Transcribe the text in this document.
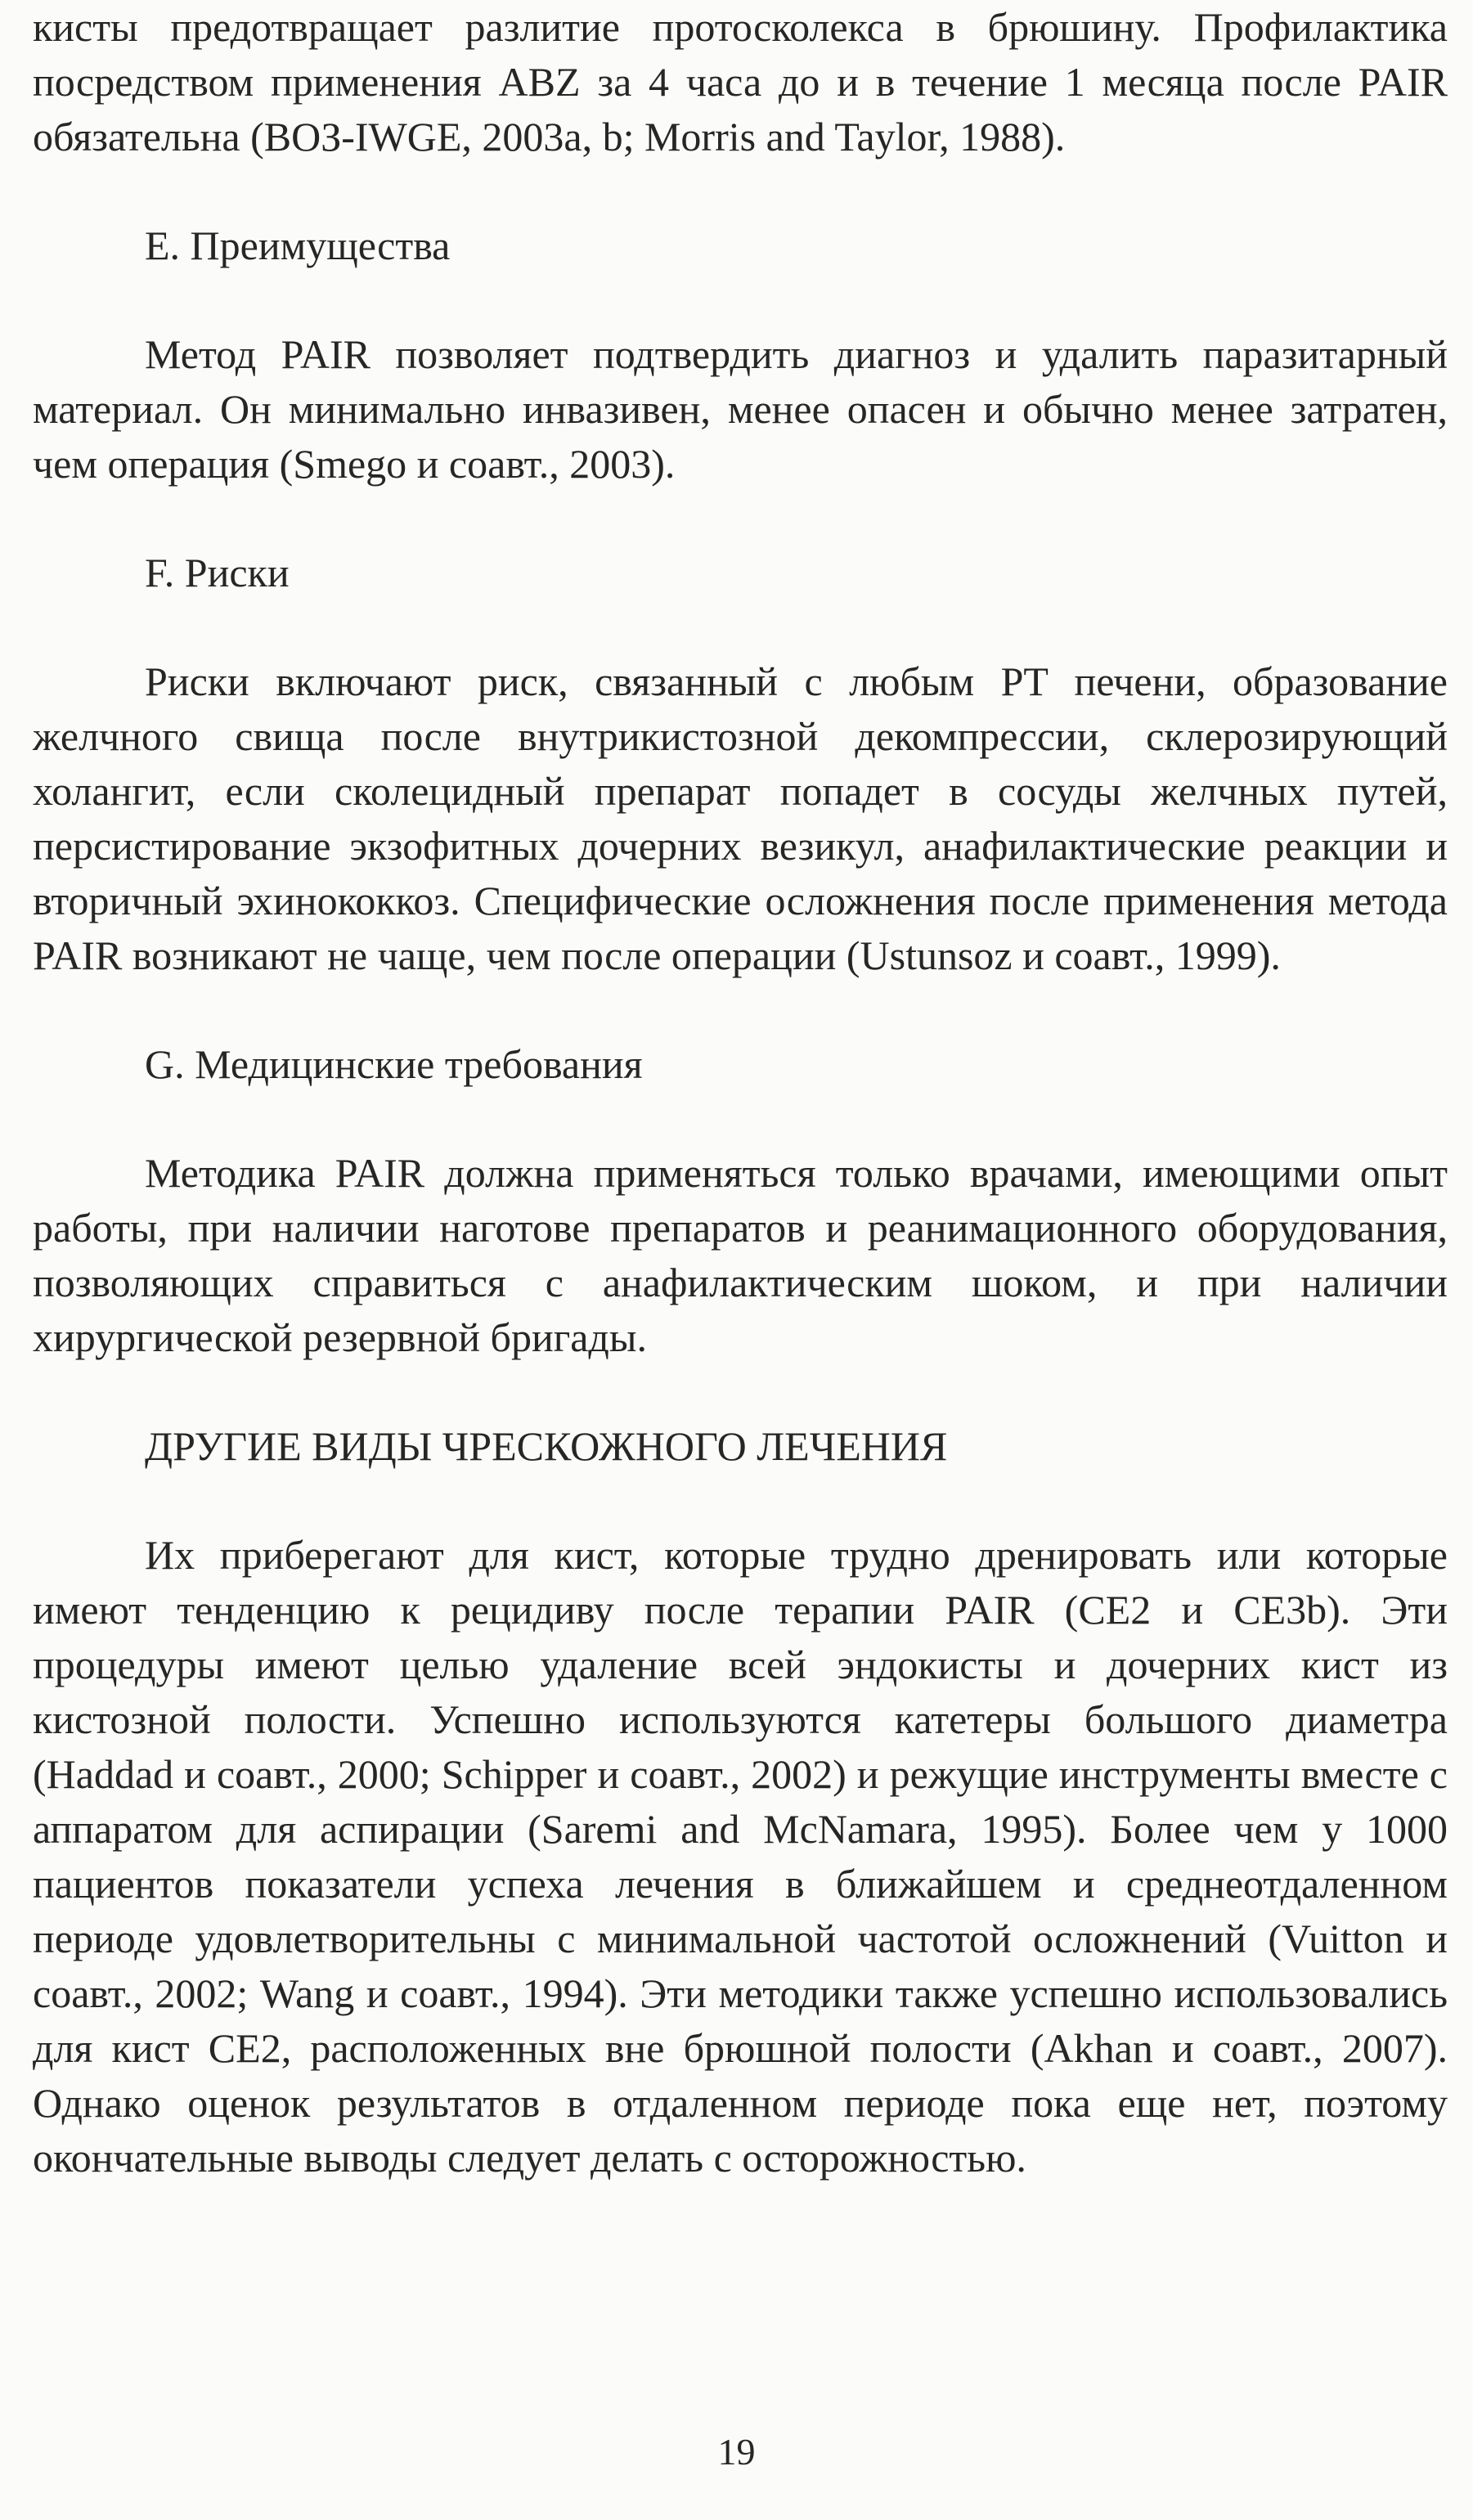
кисты предотвращает разлитие протосколекса в брюшину. Профилактика посредством применения ABZ за 4 часа до и в течение 1 месяца после PAIR обязательна (ВОЗ-IWGE, 2003a, b; Morris and Taylor, 1988).

E. Преимущества

Метод PAIR позволяет подтвердить диагноз и удалить паразитарный материал. Он минимально инвазивен, менее опасен и обычно менее затратен, чем операция (Smego и соавт., 2003).

F. Риски

Риски включают риск, связанный с любым PT печени, образование желчного свища после внутрикистозной декомпрессии, склерозирующий холангит, если сколецидный препарат попадет в сосуды желчных путей, персистирование экзофитных дочерних везикул, анафилактические реакции и вторичный эхинококкоз. Специфические осложнения после применения метода PAIR возникают не чаще, чем после операции (Ustunsoz и соавт., 1999).

G. Медицинские требования

Методика PAIR должна применяться только врачами, имеющими опыт работы, при наличии наготове препаратов и реанимационного оборудования, позволяющих справиться с анафилактическим шоком, и при наличии хирургической резервной бригады.

ДРУГИЕ ВИДЫ ЧРЕСКОЖНОГО ЛЕЧЕНИЯ

Их приберегают для кист, которые трудно дренировать или которые имеют тенденцию к рецидиву после терапии PAIR (CE2 и CE3b). Эти процедуры имеют целью удаление всей эндокисты и дочерних кист из кистозной полости. Успешно используются катетеры большого диаметра (Haddad и соавт., 2000; Schipper и соавт., 2002) и режущие инструменты вместе с аппаратом для аспирации (Saremi and McNamara, 1995). Более чем у 1000 пациентов показатели успеха лечения в ближайшем и среднеотдаленном периоде удовлетворительны с минимальной частотой осложнений (Vuitton и соавт., 2002; Wang и соавт., 1994). Эти методики также успешно использовались для кист CE2, расположенных вне брюшной полости (Akhan и соавт., 2007). Однако оценок результатов в отдаленном периоде пока еще нет, поэтому окончательные выводы следует делать с осторожностью.

19
